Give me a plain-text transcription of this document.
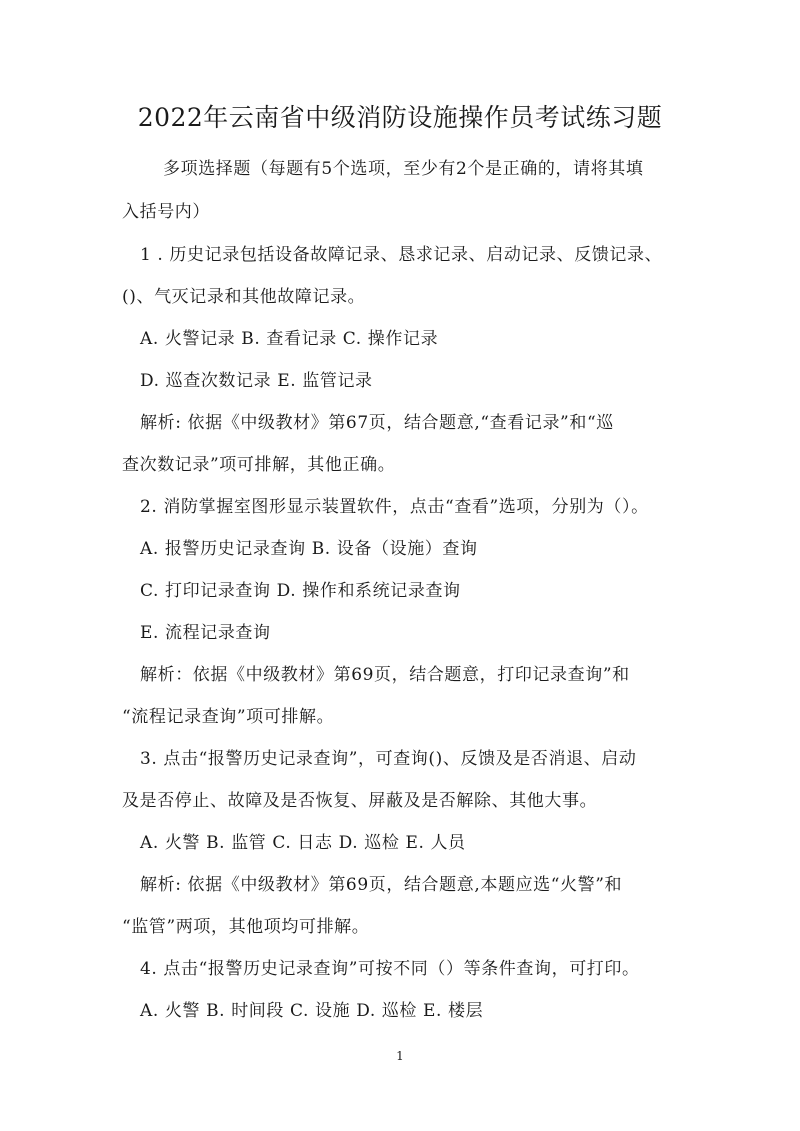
2022年云南省中级消防设施操作员考试练习题
多项选择题（每题有5个选项，至少有2个是正确的，请将其填
入括号内）
1 . 历史记录包括设备故障记录、恳求记录、启动记录、反馈记录、
()、气灭记录和其他故障记录。
A. 火警记录 B. 查看记录 C. 操作记录
D. 巡查次数记录 E. 监管记录
解析: 依据《中级教材》第67页，结合题意,“查看记录”和“巡
查次数记录”项可排解，其他正确。
2. 消防掌握室图形显示装置软件，点击“查看”选项，分别为（）。
A. 报警历史记录查询 B. 设备（设施）查询
C. 打印记录查询 D. 操作和系统记录查询
E. 流程记录查询
解析：依据《中级教材》第69页，结合题意，打印记录查询”和
“流程记录查询”项可排解。
3. 点击“报警历史记录查询”，可查询()、反馈及是否消退、启动
及是否停止、故障及是否恢复、屏蔽及是否解除、其他大事。
A. 火警 B. 监管 C. 日志 D. 巡检 E. 人员
解析: 依据《中级教材》第69页，结合题意,本题应选“火警”和
“监管”两项，其他项均可排解。
4. 点击“报警历史记录查询”可按不同（）等条件查询，可打印。
A. 火警 B. 时间段 C. 设施 D. 巡检 E. 楼层
1
